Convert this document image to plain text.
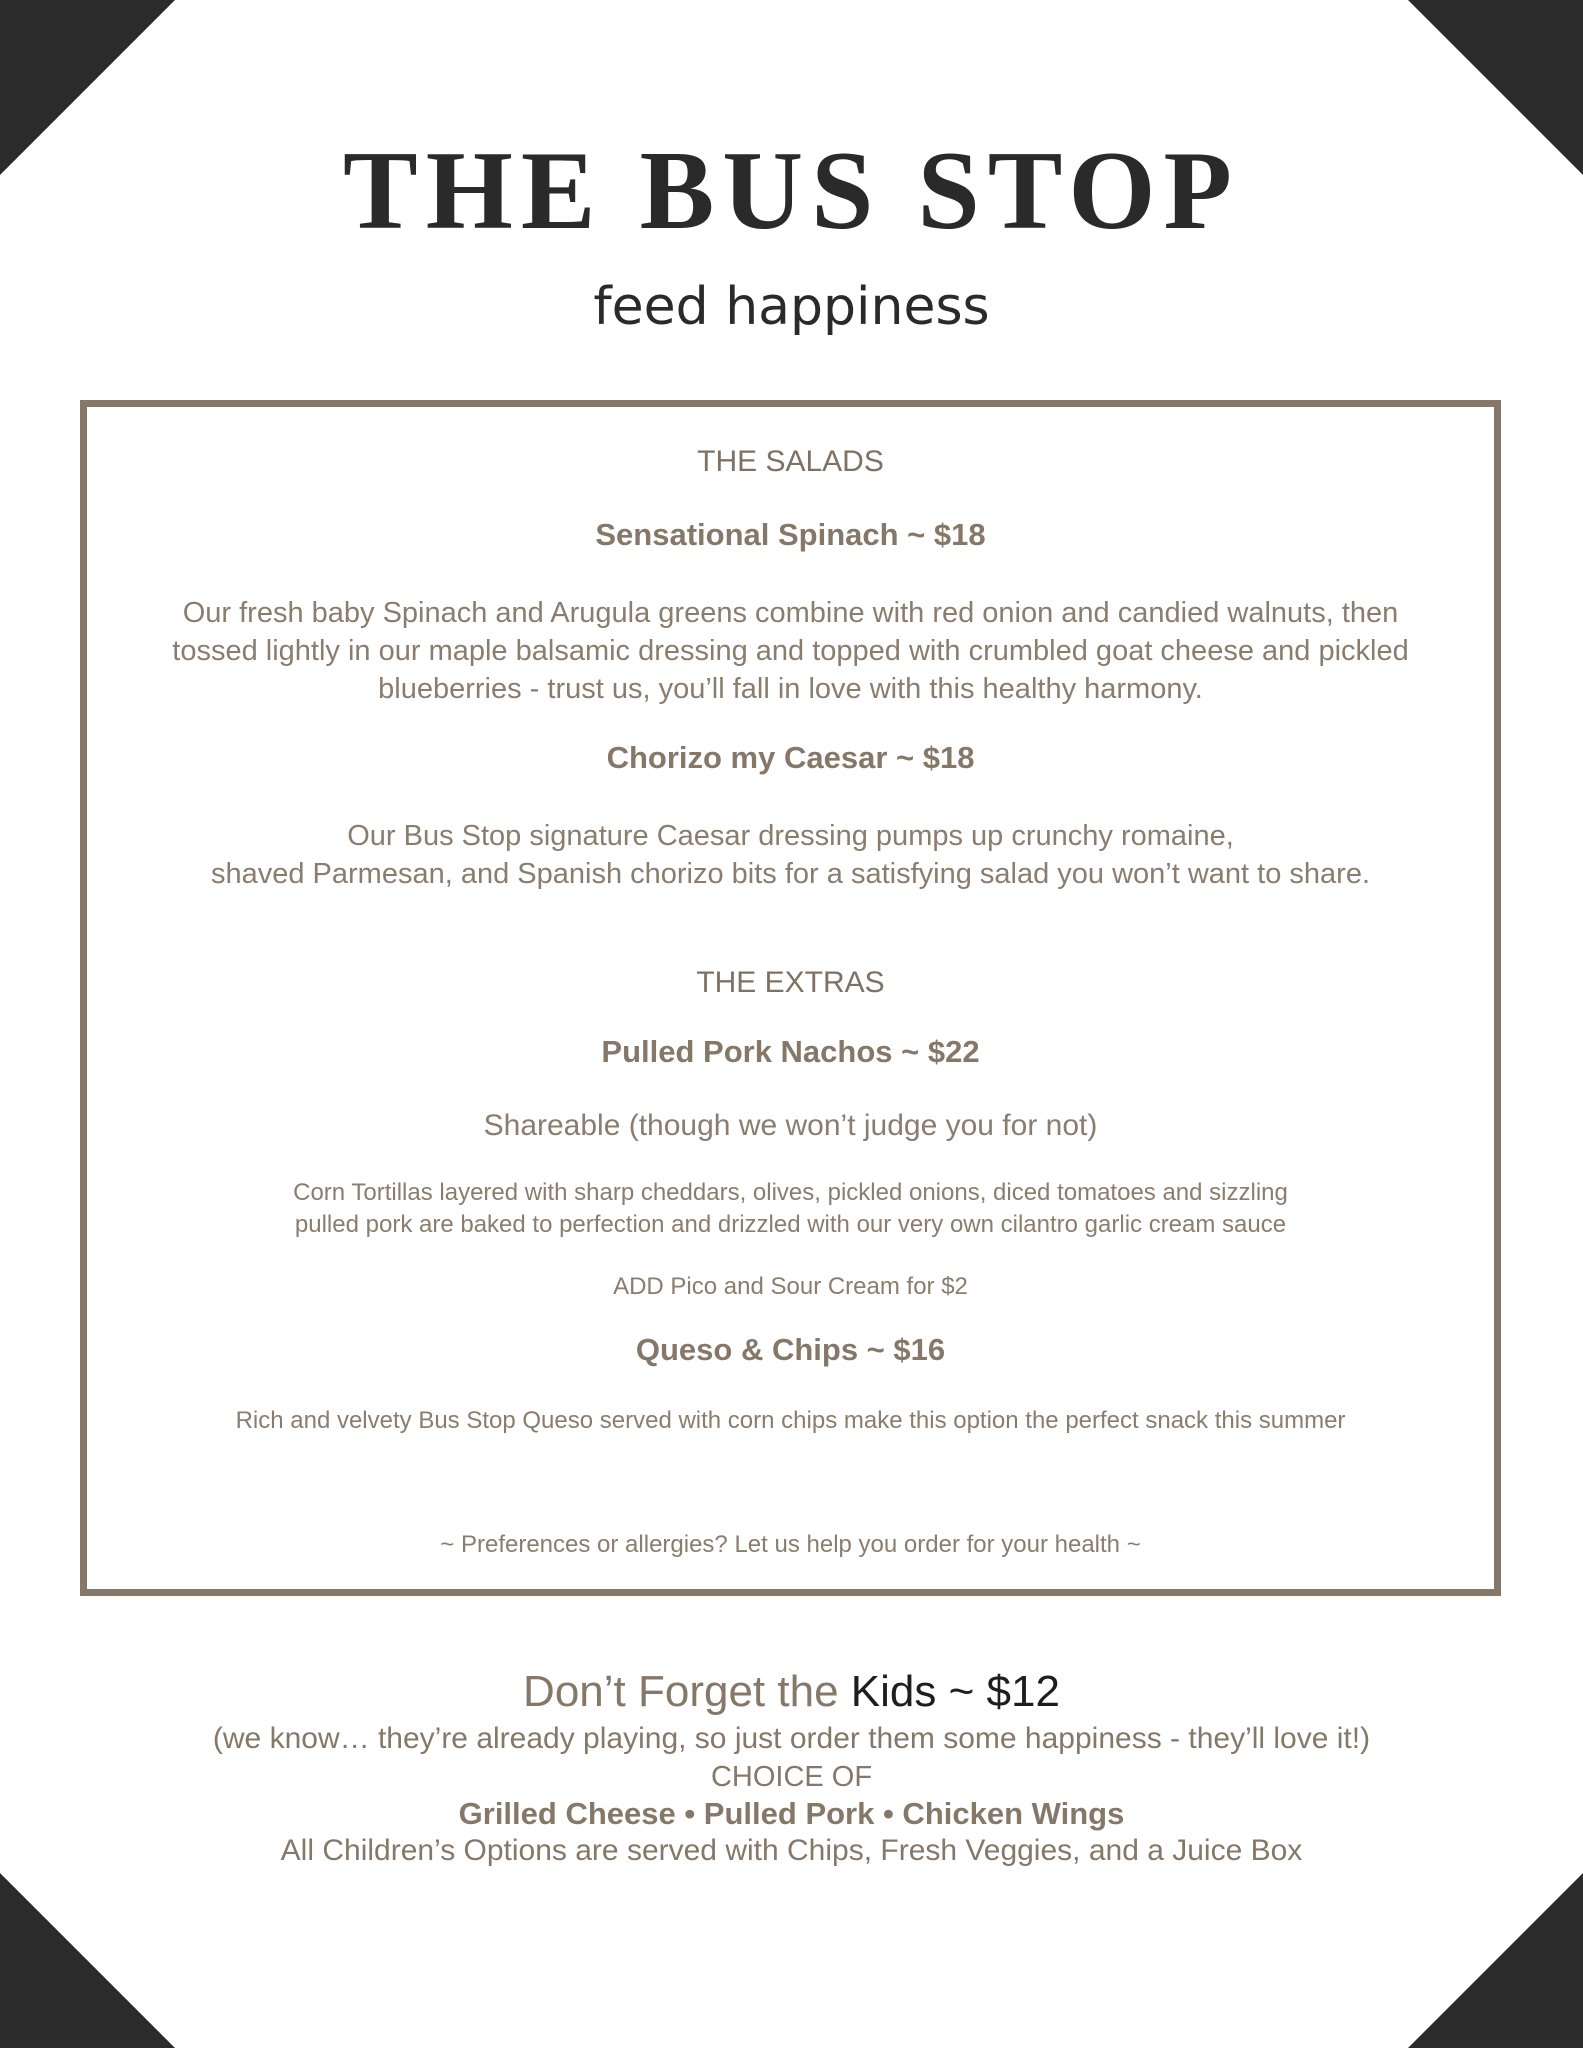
THE BUS STOP
feed happiness
THE SALADS
Sensational Spinach ~ $18
Our fresh baby Spinach and Arugula greens combine with red onion and candied walnuts, then
tossed lightly in our maple balsamic dressing and topped with crumbled goat cheese and pickled
blueberries - trust us, you’ll fall in love with this healthy harmony.
Chorizo my Caesar ~ $18
Our Bus Stop signature Caesar dressing pumps up crunchy romaine,
shaved Parmesan, and Spanish chorizo bits for a satisfying salad you won’t want to share.
THE EXTRAS
Pulled Pork Nachos ~ $22
Shareable (though we won’t judge you for not)
Corn Tortillas layered with sharp cheddars, olives, pickled onions, diced tomatoes and sizzling
pulled pork are baked to perfection and drizzled with our very own cilantro garlic cream sauce
ADD Pico and Sour Cream for $2
Queso & Chips ~ $16
Rich and velvety Bus Stop Queso served with corn chips make this option the perfect snack this summer
~ Preferences or allergies? Let us help you order for your health ~
Don’t Forget the Kids ~ $12
(we know… they’re already playing, so just order them some happiness - they’ll love it!)
CHOICE OF
Grilled Cheese • Pulled Pork • Chicken Wings
All Children’s Options are served with Chips, Fresh Veggies, and a Juice Box
